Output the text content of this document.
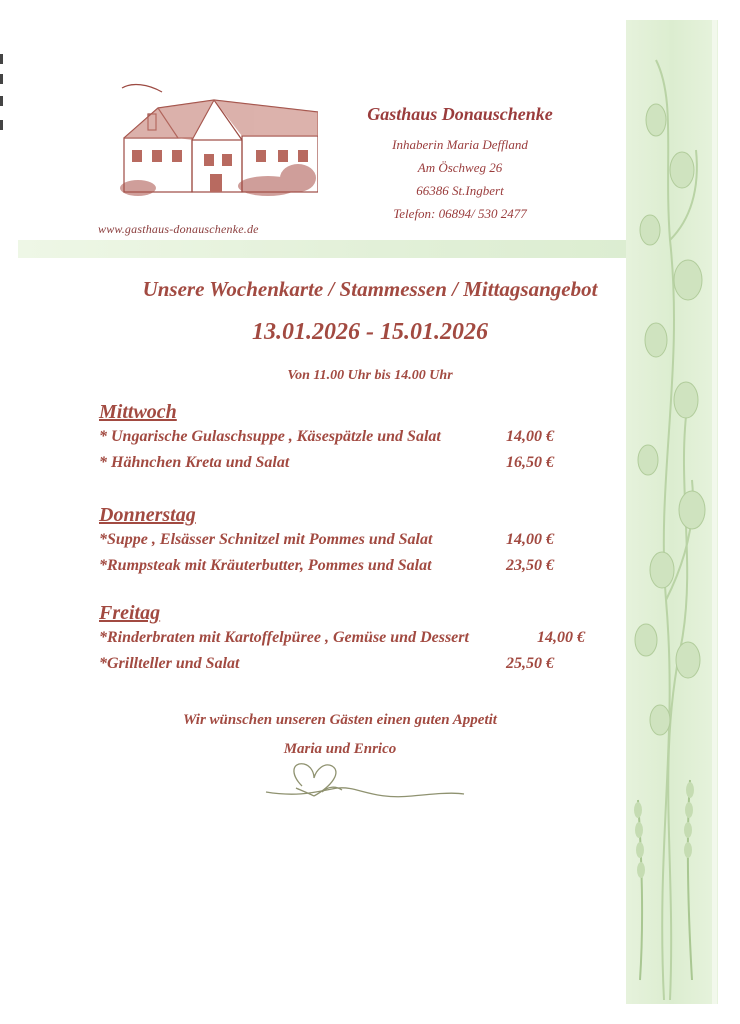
www.gasthaus-donauschenke.de
Gasthaus Donauschenke
Inhaberin Maria Deffland
Am Öschweg 26
66386 St.Ingbert
Telefon: 06894/ 530 2477
Unsere Wochenkarte / Stammessen / Mittagsangebot
13.01.2026 - 15.01.2026
Von 11.00 Uhr bis 14.00 Uhr
Mittwoch
* Ungarische Gulaschsuppe , Käsespätzle und Salat	14,00 €
* Hähnchen Kreta und Salat	16,50 €
Donnerstag
*Suppe , Elsässer Schnitzel mit Pommes und Salat	14,00 €
*Rumpsteak mit Kräuterbutter, Pommes und Salat	23,50 €
Freitag
*Rinderbraten mit Kartoffelpüree , Gemüse und Dessert	14,00 €
*Grillteller und Salat	25,50 €
Wir wünschen unseren Gästen einen guten Appetit
Maria und Enrico
